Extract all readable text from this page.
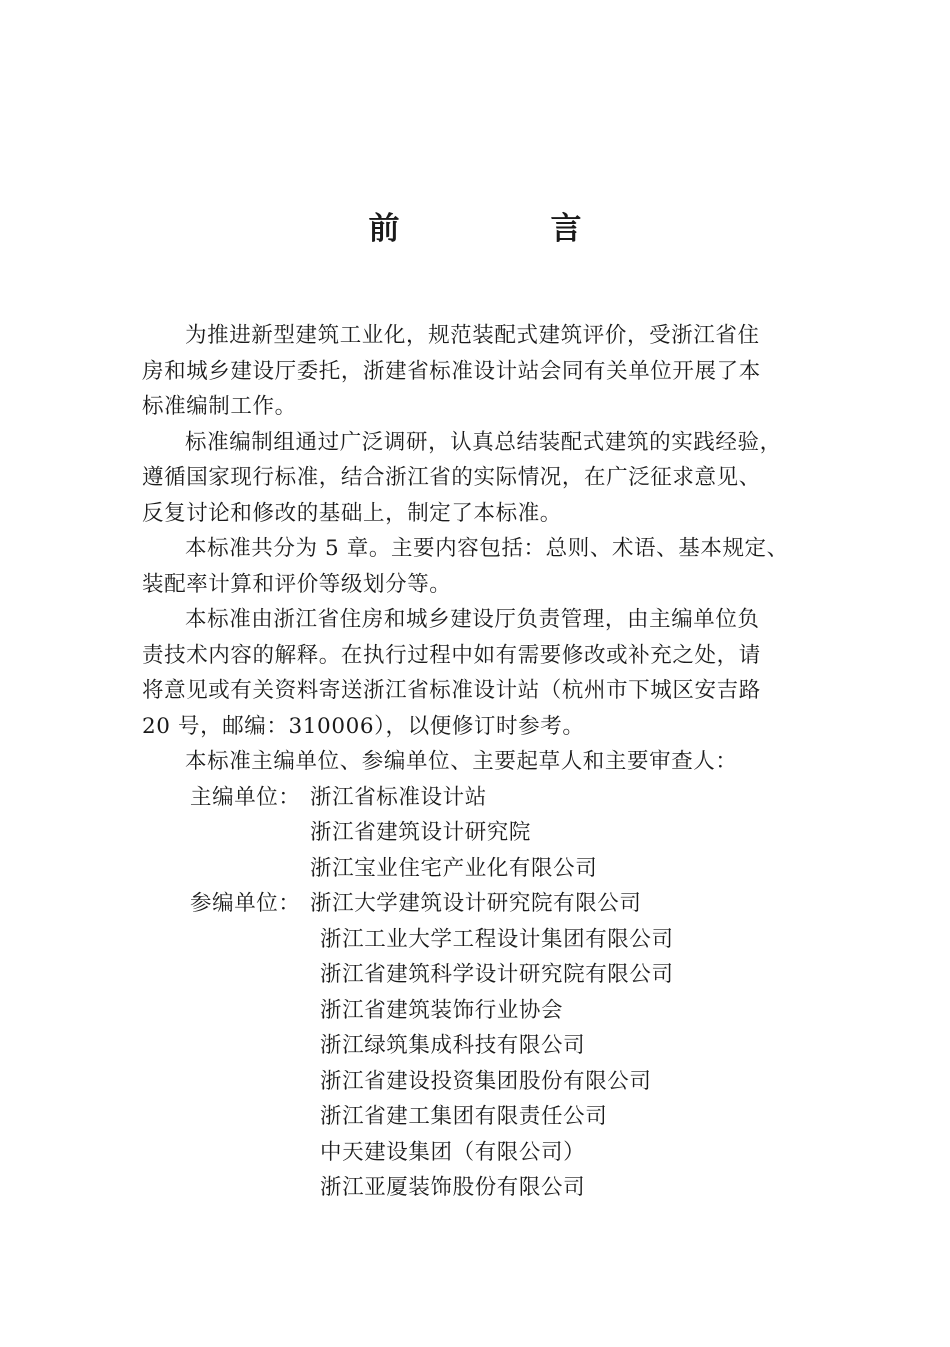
前　言

为推进新型建筑工业化，规范装配式建筑评价，受浙江省住
房和城乡建设厅委托，浙建省标准设计站会同有关单位开展了本
标准编制工作。

标准编制组通过广泛调研，认真总结装配式建筑的实践经验，
遵循国家现行标准，结合浙江省的实际情况，在广泛征求意见、
反复讨论和修改的基础上，制定了本标准。

本标准共分为 5 章。主要内容包括：总则、术语、基本规定、
装配率计算和评价等级划分等。

本标准由浙江省住房和城乡建设厅负责管理，由主编单位负
责技术内容的解释。在执行过程中如有需要修改或补充之处，请
将意见或有关资料寄送浙江省标准设计站（杭州市下城区安吉路
20 号，邮编：310006），以便修订时参考。

本标准主编单位、参编单位、主要起草人和主要审查人：

主编单位： 浙江省标准设计站
浙江省建筑设计研究院
浙江宝业住宅产业化有限公司
参编单位： 浙江大学建筑设计研究院有限公司
浙江工业大学工程设计集团有限公司
浙江省建筑科学设计研究院有限公司
浙江省建筑装饰行业协会
浙江绿筑集成科技有限公司
浙江省建设投资集团股份有限公司
浙江省建工集团有限责任公司
中天建设集团（有限公司）
浙江亚厦装饰股份有限公司
